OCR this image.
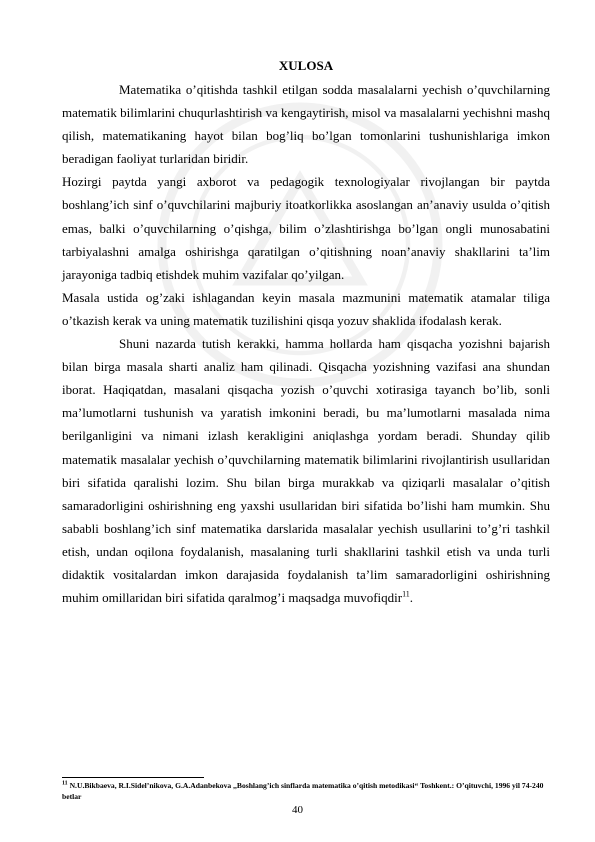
XULOSA

Matematika o’qitishda tashkil etilgan sodda masalalarni yechish o’quvchilarning matematik bilimlarini chuqurlashtirish va kengaytirish, misol va masalalarni yechishni mashq qilish, matematikaning hayot bilan bog’liq bo’lgan tomonlarini tushunishlariga imkon beradigan faoliyat turlaridan biridir.

Hozirgi paytda yangi axborot va pedagogik texnologiyalar rivojlangan bir paytda boshlang’ich sinf o’quvchilarini majburiy itoatkorlikka asoslangan an’anaviy usulda o’qitish emas, balki o’quvchilarning o’qishga, bilim o’zlashtirishga bo’lgan ongli munosabatini tarbiyalashni amalga oshirishga qaratilgan o’qitishning noan’anaviy shakllarini ta’lim jarayoniga tadbiq etishdek muhim vazifalar qo’yilgan.

Masala ustida og’zaki ishlagandan keyin masala mazmunini matematik atamalar tiliga o’tkazish kerak va uning matematik tuzilishini qisqa yozuv shaklida ifodalash kerak.

Shuni nazarda tutish kerakki, hamma hollarda ham qisqacha yozishni bajarish bilan birga masala sharti analiz ham qilinadi. Qisqacha yozishning vazifasi ana shundan iborat. Haqiqatdan, masalani qisqacha yozish o’quvchi xotirasiga tayanch bo’lib, sonli ma’lumotlarni tushunish va yaratish imkonini beradi, bu ma’lumotlarni masalada nima berilganligini va nimani izlash kerakligini aniqlashga yordam beradi. Shunday qilib matematik masalalar yechish o’quvchilarning matematik bilimlarini rivojlantirish usullaridan biri sifatida qaralishi lozim. Shu bilan birga murakkab va qiziqarli masalalar o’qitish samaradorligini oshirishning eng yaxshi usullaridan biri sifatida bo’lishi ham mumkin. Shu sababli boshlang’ich sinf matematika darslarida masalalar yechish usullarini to’g’ri tashkil etish, undan oqilona foydalanish, masalaning turli shakllarini tashkil etish va unda turli didaktik vositalardan imkon darajasida foydalanish ta’lim samaradorligini oshirishning muhim omillaridan biri sifatida qaralmog’i maqsadga muvofiqdir$^{11}$.

$^{11}$ N.U.Bikbaeva, R.I.Sidel’nikova, G.A.Adanbekova ,,Boshlang’ich sinflarda matematika o’qitish metodikasi“ Toshkent.: O’qituvchi, 1996 yil 74-240 betlar
40
